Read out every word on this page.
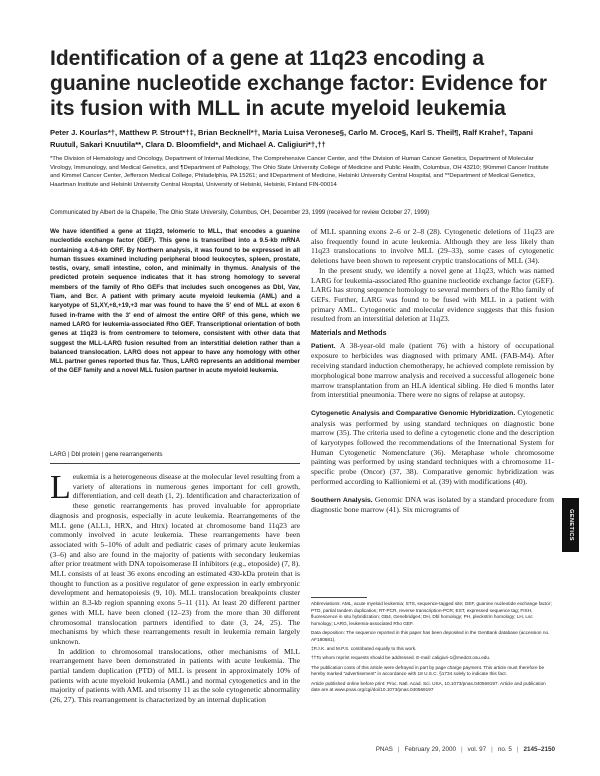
Identification of a gene at 11q23 encoding a guanine nucleotide exchange factor: Evidence for its fusion with MLL in acute myeloid leukemia
Peter J. Kourlas*†, Matthew P. Strout*†‡, Brian Becknell*†, Maria Luisa Veronese§, Carlo M. Croce§, Karl S. Theil¶, Ralf Krahe†, Tapani Ruutu‖, Sakari Knuutila**, Clara D. Bloomfield*, and Michael A. Caligiuri*†,††
*The Division of Hematology and Oncology, Department of Internal Medicine, The Comprehensive Cancer Center, and †the Division of Human Cancer Genetics, Department of Molecular Virology, Immunology, and Medical Genetics, and ¶Department of Pathology, The Ohio State University College of Medicine and Public Health, Columbus, OH 43210; §Kimmel Cancer Institute and Kimmel Cancer Center, Jefferson Medical College, Philadelphia, PA 15261; and ‖Department of Medicine, Helsinki University Central Hospital, and **Department of Medical Genetics, Haartman Institute and Helsinki University Central Hospital, University of Helsinki, Helsinki, Finland FIN-00014
Communicated by Albert de la Chapelle, The Ohio State University, Columbus, OH, December 23, 1999 (received for review October 27, 1999)

We have identified a gene at 11q23, telomeric to MLL, that encodes a guanine nucleotide exchange factor (GEF). This gene is transcribed into a 9.5-kb mRNA containing a 4.6-kb ORF. By Northern analysis, it was found to be expressed in all human tissues examined including peripheral blood leukocytes, spleen, prostate, testis, ovary, small intestine, colon, and minimally in thymus. Analysis of the predicted protein sequence indicates that it has strong homology to several members of the family of Rho GEFs that includes such oncogenes as Dbl, Vav, Tiam, and Bcr. A patient with primary acute myeloid leukemia (AML) and a karyotype of 51,XY,+8,+19,+3 mar was found to have the 5′ end of MLL at exon 6 fused in-frame with the 3′ end of almost the entire ORF of this gene, which we named LARG for leukemia-associated Rho GEF. Transcriptional orientation of both genes at 11q23 is from centromere to telomere, consistent with other data that suggest the MLL-LARG fusion resulted from an interstitial deletion rather than a balanced translocation. LARG does not appear to have any homology with other MLL partner genes reported thus far. Thus, LARG represents an additional member of the GEF family and a novel MLL fusion partner in acute myeloid leukemia.

LARG | Dbl protein | gene rearrangements

Leukemia is a heterogeneous disease at the molecular level resulting from a variety of alterations in numerous genes important for cell growth, differentiation, and cell death (1, 2). Identification and characterization of these genetic rearrangements has proved invaluable for appropriate diagnosis and prognosis, especially in acute leukemia. Rearrangements of the MLL gene (ALL1, HRX, and Htrx) located at chromosome band 11q23 are commonly involved in acute leukemia. These rearrangements have been associated with 5–10% of adult and pediatric cases of primary acute leukemias (3–6) and also are found in the majority of patients with secondary leukemias after prior treatment with DNA topoisomerase II inhibitors (e.g., etoposide) (7, 8). MLL consists of at least 36 exons encoding an estimated 430-kDa protein that is thought to function as a positive regulator of gene expression in early embryonic development and hematopoiesis (9, 10). MLL translocation breakpoints cluster within an 8.3-kb region spanning exons 5–11 (11). At least 20 different partner genes with MLL have been cloned (12–23) from the more than 30 different chromosomal translocation partners identified to date (3, 24, 25). The mechanisms by which these rearrangements result in leukemia remain largely unknown.

In addition to chromosomal translocations, other mechanisms of MLL rearrangement have been demonstrated in patients with acute leukemia. The partial tandem duplication (PTD) of MLL is present in approximately 10% of patients with acute myeloid leukemia (AML) and normal cytogenetics and in the majority of patients with AML and trisomy 11 as the sole cytogenetic abnormality (26, 27). This rearrangement is characterized by an internal duplication

of MLL spanning exons 2–6 or 2–8 (28). Cytogenetic deletions of 11q23 are also frequently found in acute leukemia. Although they are less likely than 11q23 translocations to involve MLL (29–33), some cases of cytogenetic deletions have been shown to represent cryptic translocations of MLL (34).

In the present study, we identify a novel gene at 11q23, which was named LARG for leukemia-associated Rho guanine nucleotide exchange factor (GEF). LARG has strong sequence homology to several members of the Rho family of GEFs. Further, LARG was found to be fused with MLL in a patient with primary AML. Cytogenetic and molecular evidence suggests that this fusion resulted from an interstitial deletion at 11q23.

Materials and Methods

Patient. A 38-year-old male (patient 76) with a history of occupational exposure to herbicides was diagnosed with primary AML (FAB-M4). After receiving standard induction chemotherapy, he achieved complete remission by morphological bone marrow analysis and received a successful allogeneic bone marrow transplantation from an HLA identical sibling. He died 6 months later from interstitial pneumonia. There were no signs of relapse at autopsy.

Cytogenetic Analysis and Comparative Genomic Hybridization. Cytogenetic analysis was performed by using standard techniques on diagnostic bone marrow (35). The criteria used to define a cytogenetic clone and the description of karyotypes followed the recommendations of the International System for Human Cytogenetic Nomenclature (36). Metaphase whole chromosome painting was performed by using standard techniques with a chromosome 11-specific probe (Oncor) (37, 38). Comparative genomic hybridization was performed according to Kallioniemi et al. (39) with modifications (40).

Southern Analysis. Genomic DNA was isolated by a standard procedure from diagnostic bone marrow (41). Six micrograms of

Abbreviations: AML, acute myeloid leukemia; STS, sequence-tagged site; GEF, guanine nucleotide exchange factor; PTD, partial tandem duplication; RT-PCR, reverse transcription-PCR; EST, expressed sequence tag; FISH, fluorescence in situ hybridization; GB4, Genebridge4; DH, Dbl homology; PH, pleckstrin homology; LH, Lsc homology; LARG, leukemia-associated Rho GEF.

Data deposition: The sequence reported in this paper has been deposited in the GenBank database (accession no. AF180681).

‡P.J.K. and M.P.S. contributed equally to this work.

††To whom reprint requests should be addressed. E-mail: caligiuri-1@medctr.osu.edu.

The publication costs of this article were defrayed in part by page charge payment. This article must therefore be hereby marked “advertisement” in accordance with 18 U.S.C. §1734 solely to indicate this fact.

Article published online before print: Proc. Natl. Acad. Sci. USA, 10.1073/pnas.040569197. Article and publication date are at www.pnas.org/cgi/doi/10.1073/pnas.040569197

GENETICS
PNAS | February 29, 2000 | vol. 97 | no. 5 | 2145–2150
